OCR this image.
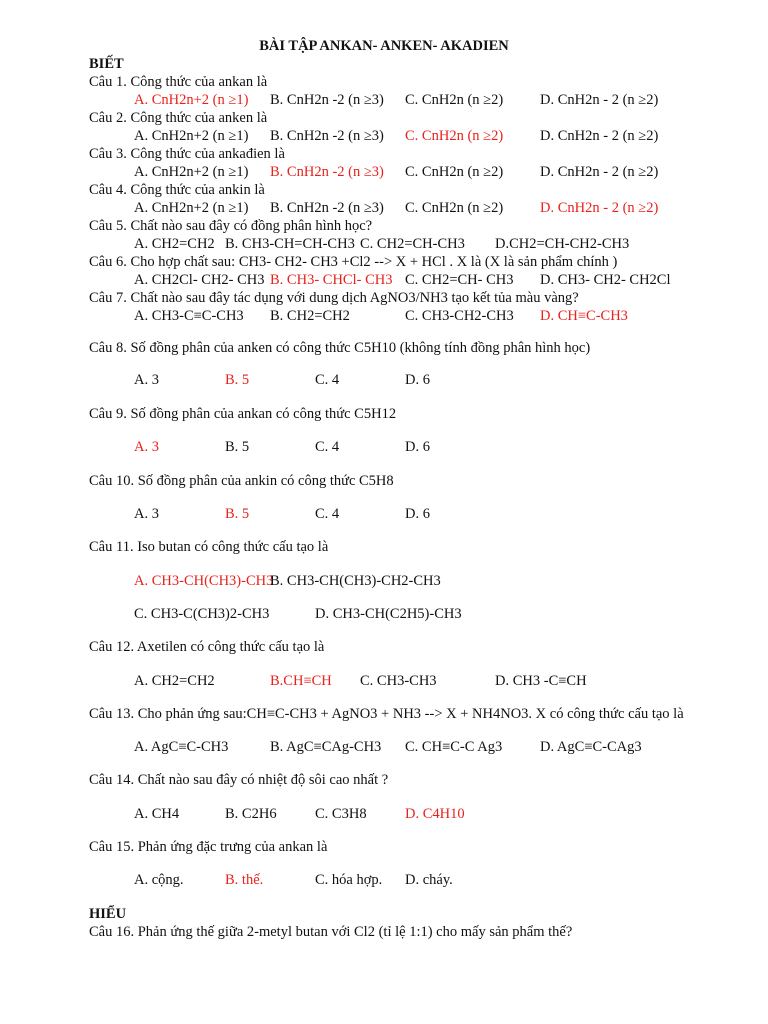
BÀI TẬP ANKAN- ANKEN- AKADIEN
BIẾT
Câu 1. Công thức của ankan là
A. CnH2n+2 (n ≥1) B. CnH2n -2 (n ≥3) C. CnH2n (n ≥2)	D. CnH2n - 2 (n ≥2)
Câu 2. Công thức của anken là
A. CnH2n+2 (n ≥1) B. CnH2n -2 (n ≥3) C. CnH2n (n ≥2)	D. CnH2n - 2 (n ≥2)
Câu 3. Công thức của ankađien là
A. CnH2n+2 (n ≥1) B. CnH2n -2 (n ≥3) C. CnH2n (n ≥2)	D. CnH2n - 2 (n ≥2)
Câu 4. Công thức của ankin là
A. CnH2n+2 (n ≥1) B. CnH2n -2 (n ≥3) C. CnH2n (n ≥2)	D. CnH2n - 2 (n ≥2)
Câu 5. Chất nào sau đây có đồng phân hình học?
A. CH2=CH2 B. CH3-CH=CH-CH3 C. CH2=CH-CH3 D.CH2=CH-CH2-CH3
Câu 6. Cho hợp chất sau: CH3- CH2- CH3 +Cl2 --> X + HCl . X là (X là sản phẩm chính )
A. CH2Cl- CH2- CH3 B. CH3- CHCl- CH3 C. CH2=CH- CH3 D. CH3- CH2- CH2Cl
Câu 7. Chất nào sau đây tác dụng với dung dịch AgNO3/NH3 tạo kết tủa màu vàng?
A. CH3-C≡C-CH3 B. CH2=CH2	C. CH3-CH2-CH3 D. CH≡C-CH3
Câu 8. Số đồng phân của anken có công thức C5H10 (không tính đồng phân hình học)
A. 3	B. 5	C. 4	D. 6
Câu 9. Số đồng phân của ankan có công thức C5H12
A. 3	B. 5	C. 4	D. 6
Câu 10. Số đồng phân của ankin có công thức C5H8
A. 3	B. 5	C. 4	D. 6
Câu 11. Iso butan có công thức cấu tạo là
A. CH3-CH(CH3)-CH3
B. CH3-CH(CH3)-CH2-CH3
C. CH3-C(CH3)2-CH3	D. CH3-CH(C2H5)-CH3
Câu 12. Axetilen có công thức cấu tạo là
A. CH2=CH2	B.CH≡CH C. CH3-CH3	D. CH3 -C≡CH
Câu 13. Cho phản ứng sau:CH≡C-CH3 + AgNO3 + NH3 --> X + NH4NO3. X có công thức cấu tạo là
A. AgC≡C-CH3	B. AgC≡CAg-CH3 C. CH≡C-C Ag3	D. AgC≡C-CAg3
Câu 14. Chất nào sau đây có nhiệt độ sôi cao nhất ?
A. CH4	B. C2H6	C. C3H8	D. C4H10
Câu 15. Phản ứng đặc trưng của ankan là
A. cộng.	B. thế.	C. hóa hợp. D. cháy.
HIỂU
Câu 16. Phản ứng thế giữa 2-metyl butan với Cl2 (tỉ lệ 1:1) cho mấy sản phẩm thế?
